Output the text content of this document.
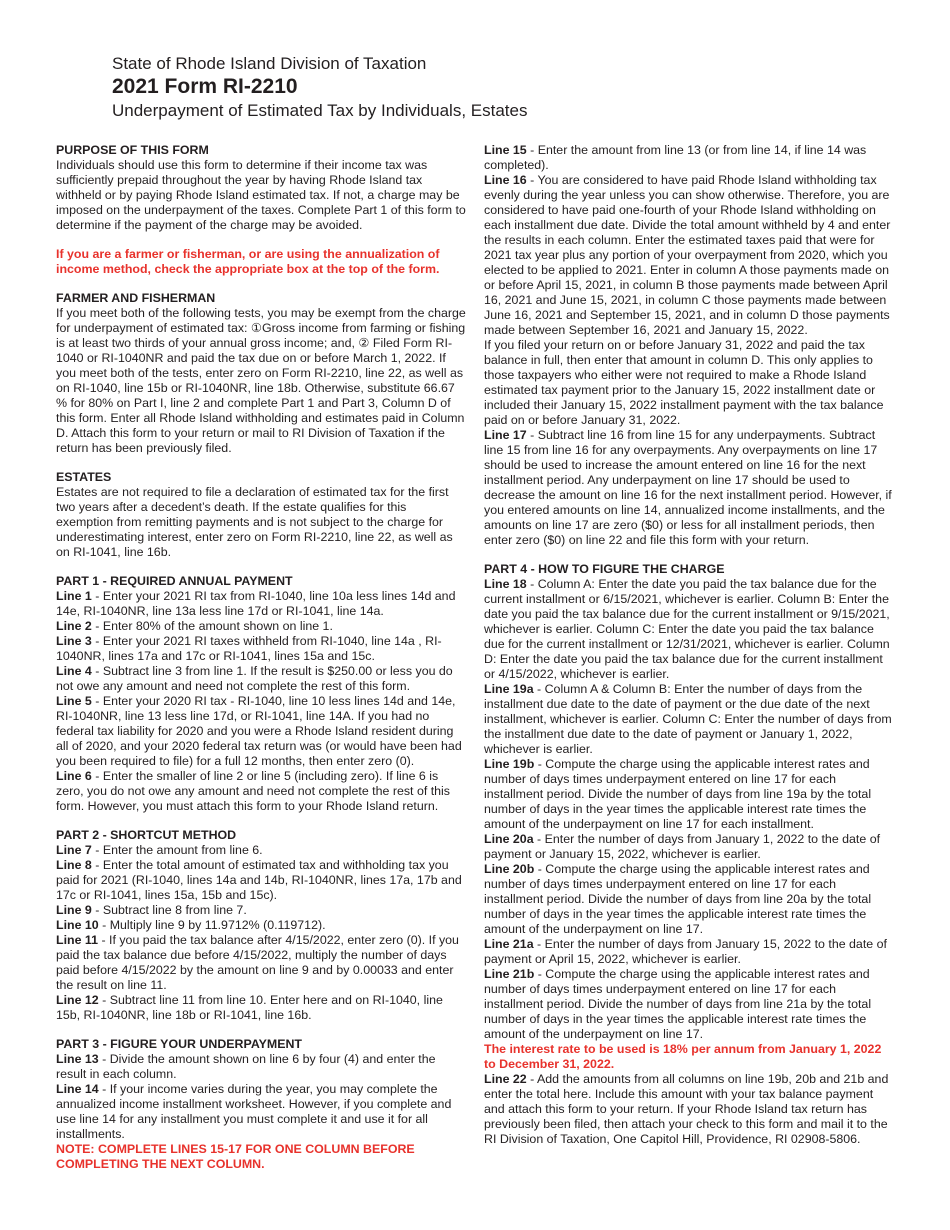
State of Rhode Island Division of Taxation
2021 Form RI-2210
Underpayment of Estimated Tax by Individuals, Estates
PURPOSE OF THIS FORM

Individuals should use this form to determine if their income tax was sufficiently prepaid throughout the year by having Rhode Island tax withheld or by paying Rhode Island estimated tax. If not, a charge may be imposed on the underpayment of the taxes. Complete Part 1 of this form to determine if the payment of the charge may be avoided.

If you are a farmer or fisherman, or are using the annualization of income method, check the appropriate box at the top of the form.

FARMER AND FISHERMAN

If you meet both of the following tests, you may be exempt from the charge for underpayment of estimated tax: ①Gross income from farming or fishing is at least two thirds of your annual gross income; and, ② Filed Form RI-1040 or RI-1040NR and paid the tax due on or before March 1, 2022. If you meet both of the tests, enter zero on Form RI-2210, line 22, as well as on RI-1040, line 15b or RI-1040NR, line 18b. Otherwise, substitute 66.67 % for 80% on Part I, line 2 and complete Part 1 and Part 3, Column D of this form. Enter all Rhode Island withholding and estimates paid in Column D. Attach this form to your return or mail to RI Division of Taxation if the return has been previously filed.

ESTATES

Estates are not required to file a declaration of estimated tax for the first two years after a decedent’s death. If the estate qualifies for this exemption from remitting payments and is not subject to the charge for underestimating interest, enter zero on Form RI-2210, line 22, as well as on RI-1041, line 16b.

PART 1 - REQUIRED ANNUAL PAYMENT

Line 1 - Enter your 2021 RI tax from RI-1040, line 10a less lines 14d and 14e, RI-1040NR, line 13a less line 17d or RI-1041, line 14a.

Line 2 - Enter 80% of the amount shown on line 1.

Line 3 - Enter your 2021 RI taxes withheld from RI-1040, line 14a , RI-1040NR, lines 17a and 17c or RI-1041, lines 15a and 15c.

Line 4 - Subtract line 3 from line 1. If the result is $250.00 or less you do not owe any amount and need not complete the rest of this form.

Line 5 - Enter your 2020 RI tax - RI-1040, line 10 less lines 14d and 14e, RI-1040NR, line 13 less line 17d, or RI-1041, line 14A. If you had no federal tax liability for 2020 and you were a Rhode Island resident during all of 2020, and your 2020 federal tax return was (or would have been had you been required to file) for a full 12 months, then enter zero (0).

Line 6 - Enter the smaller of line 2 or line 5 (including zero). If line 6 is zero, you do not owe any amount and need not complete the rest of this form. However, you must attach this form to your Rhode Island return.

PART 2 - SHORTCUT METHOD

Line 7 - Enter the amount from line 6.

Line 8 - Enter the total amount of estimated tax and withholding tax you paid for 2021 (RI-1040, lines 14a and 14b, RI-1040NR, lines 17a, 17b and 17c or RI-1041, lines 15a, 15b and 15c).

Line 9 - Subtract line 8 from line 7.

Line 10 - Multiply line 9 by 11.9712% (0.119712).

Line 11 - If you paid the tax balance after 4/15/2022, enter zero (0). If you paid the tax balance due before 4/15/2022, multiply the number of days paid before 4/15/2022 by the amount on line 9 and by 0.00033 and enter the result on line 11.

Line 12 - Subtract line 11 from line 10. Enter here and on RI-1040, line 15b, RI-1040NR, line 18b or RI-1041, line 16b.

PART 3 - FIGURE YOUR UNDERPAYMENT

Line 13 - Divide the amount shown on line 6 by four (4) and enter the result in each column.

Line 14 - If your income varies during the year, you may complete the annualized income installment worksheet. However, if you complete and use line 14 for any installment you must complete it and use it for all installments.

NOTE: COMPLETE LINES 15-17 FOR ONE COLUMN BEFORE COMPLETING THE NEXT COLUMN.

Line 15 - Enter the amount from line 13 (or from line 14, if line 14 was completed).

Line 16 - You are considered to have paid Rhode Island withholding tax evenly during the year unless you can show otherwise. Therefore, you are considered to have paid one-fourth of your Rhode Island withholding on each installment due date. Divide the total amount withheld by 4 and enter the results in each column. Enter the estimated taxes paid that were for 2021 tax year plus any portion of your overpayment from 2020, which you elected to be applied to 2021. Enter in column A those payments made on or before April 15, 2021, in column B those payments made between April 16, 2021 and June 15, 2021, in column C those payments made between June 16, 2021 and September 15, 2021, and in column D those payments made between September 16, 2021 and January 15, 2022.

If you filed your return on or before January 31, 2022 and paid the tax balance in full, then enter that amount in column D. This only applies to those taxpayers who either were not required to make a Rhode Island estimated tax payment prior to the January 15, 2022 installment date or included their January 15, 2022 installment payment with the tax balance paid on or before January 31, 2022.

Line 17 - Subtract line 16 from line 15 for any underpayments. Subtract line 15 from line 16 for any overpayments. Any overpayments on line 17 should be used to increase the amount entered on line 16 for the next installment period. Any underpayment on line 17 should be used to decrease the amount on line 16 for the next installment period. However, if you entered amounts on line 14, annualized income installments, and the amounts on line 17 are zero ($0) or less for all installment periods, then enter zero ($0) on line 22 and file this form with your return.

PART 4 - HOW TO FIGURE THE CHARGE

Line 18 - Column A: Enter the date you paid the tax balance due for the current installment or 6/15/2021, whichever is earlier. Column B: Enter the date you paid the tax balance due for the current installment or 9/15/2021, whichever is earlier. Column C: Enter the date you paid the tax balance due for the current installment or 12/31/2021, whichever is earlier. Column D: Enter the date you paid the tax balance due for the current installment or 4/15/2022, whichever is earlier.

Line 19a - Column A & Column B: Enter the number of days from the installment due date to the date of payment or the due date of the next installment, whichever is earlier. Column C: Enter the number of days from the installment due date to the date of payment or January 1, 2022, whichever is earlier.

Line 19b - Compute the charge using the applicable interest rates and number of days times underpayment entered on line 17 for each installment period. Divide the number of days from line 19a by the total number of days in the year times the applicable interest rate times the amount of the underpayment on line 17 for each installment.

Line 20a - Enter the number of days from January 1, 2022 to the date of payment or January 15, 2022, whichever is earlier.

Line 20b - Compute the charge using the applicable interest rates and number of days times underpayment entered on line 17 for each installment period. Divide the number of days from line 20a by the total number of days in the year times the applicable interest rate times the amount of the underpayment on line 17.

Line 21a - Enter the number of days from January 15, 2022 to the date of payment or April 15, 2022, whichever is earlier.

Line 21b - Compute the charge using the applicable interest rates and number of days times underpayment entered on line 17 for each installment period. Divide the number of days from line 21a by the total number of days in the year times the applicable interest rate times the amount of the underpayment on line 17.

The interest rate to be used is 18% per annum from January 1, 2022 to December 31, 2022.

Line 22 - Add the amounts from all columns on line 19b, 20b and 21b and enter the total here. Include this amount with your tax balance payment and attach this form to your return. If your Rhode Island tax return has previously been filed, then attach your check to this form and mail it to the RI Division of Taxation, One Capitol Hill, Providence, RI 02908-5806.
